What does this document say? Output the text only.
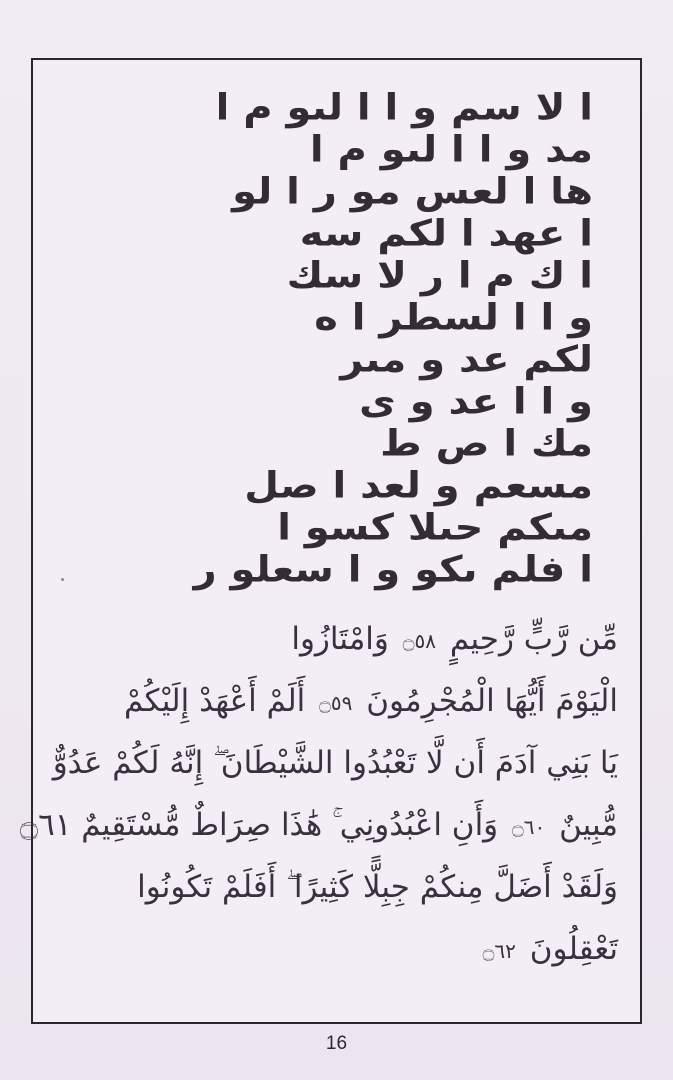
ا لا سم و ا ا لىو م ا
مد و ا ا لىو م ا
ها ا لعس مو ر ا لو
ا عهد ا لكم سه
ا ك م ا ر لا سك
و ا ا لسطر ا ه
لكم عد و مىر
و ا ا عد و ى
مك ا ص ط
مسعم و لعد ا صل
مىكم حىلا كسو ا
ا فلم ىكو و ا سعلو ر
مِّن رَّبٍّ رَّحِيمٍ ۝٥٨ وَامْتَازُوا
الْيَوْمَ أَيُّهَا الْمُجْرِمُونَ ۝٥٩ أَلَمْ أَعْهَدْ إِلَيْكُمْ
يَا بَنِي آدَمَ أَن لَّا تَعْبُدُوا الشَّيْطَانَ ۖ إِنَّهُ لَكُمْ عَدُوٌّ
مُّبِينٌ ۝٦٠ وَأَنِ اعْبُدُونِي ۚ هَٰذَا صِرَاطٌ مُّسْتَقِيمٌ ۝٦١
وَلَقَدْ أَضَلَّ مِنكُمْ جِبِلًّا كَثِيرًا ۖ أَفَلَمْ تَكُونُوا
تَعْقِلُونَ ۝٦٢
16
